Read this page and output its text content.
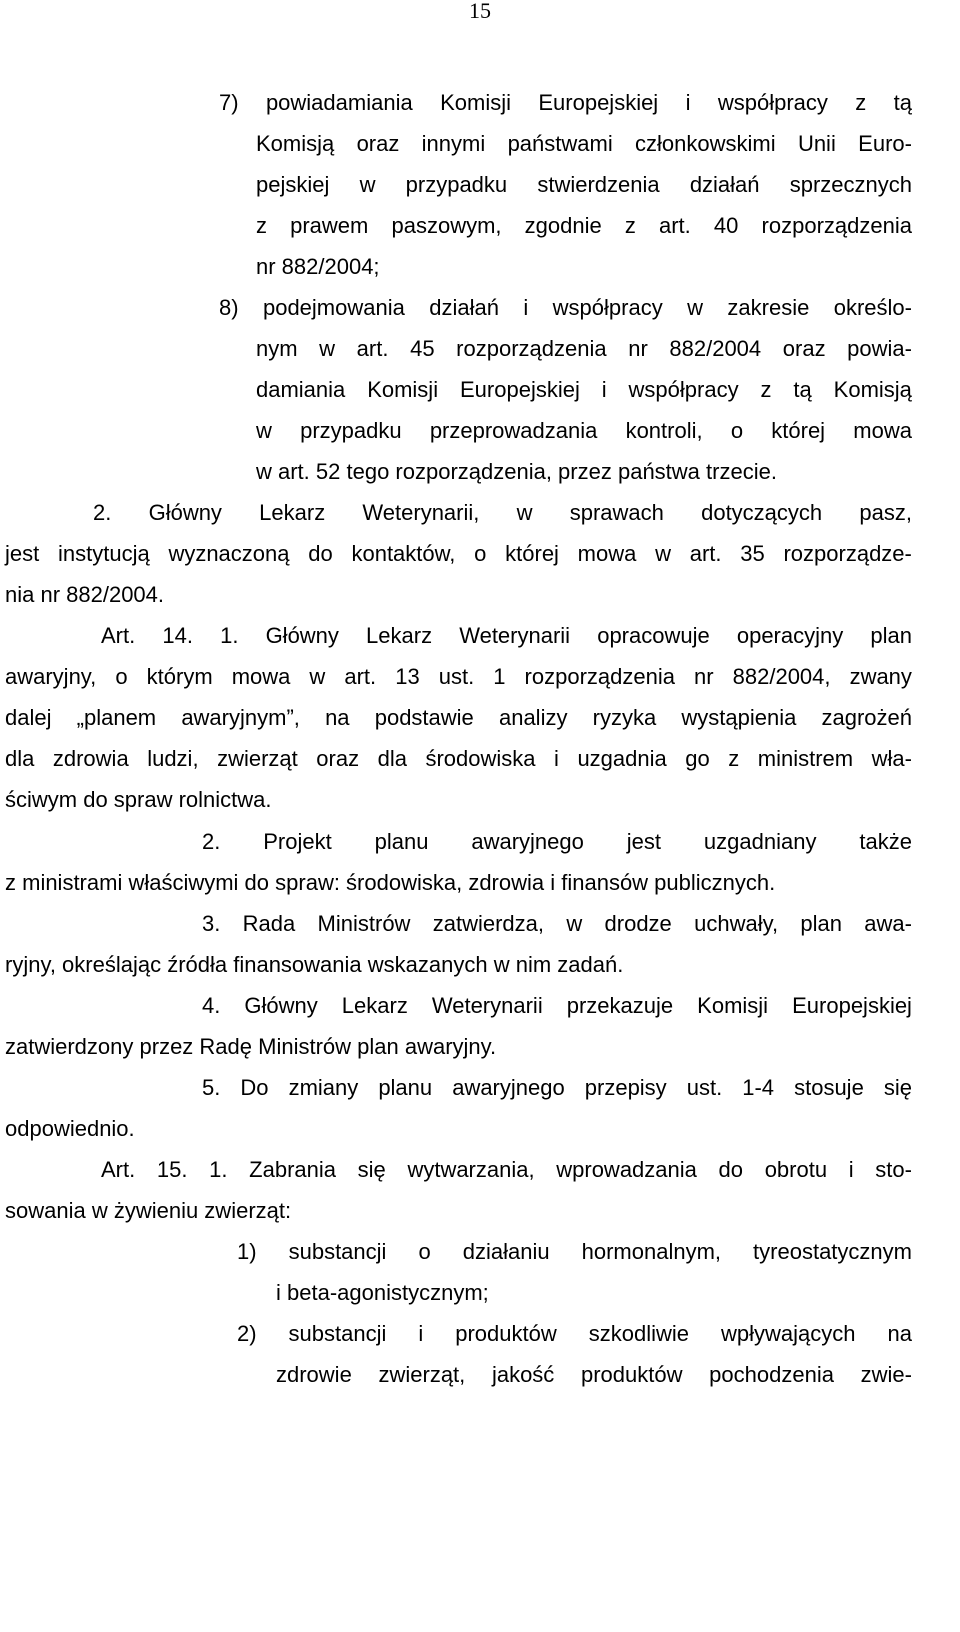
15
7) powiadamiania Komisji Europejskiej i współpracy z tą
Komisją oraz innymi państwami członkowskimi Unii Euro-
pejskiej w przypadku stwierdzenia działań sprzecznych
z prawem paszowym, zgodnie z art. 40 rozporządzenia
nr 882/2004;
8) podejmowania działań i współpracy w zakresie określo-
nym w art. 45 rozporządzenia nr 882/2004 oraz powia-
damiania Komisji Europejskiej i współpracy z tą Komisją
w przypadku przeprowadzania kontroli, o której mowa
w art. 52 tego rozporządzenia, przez państwa trzecie.
2. Główny Lekarz Weterynarii, w sprawach dotyczących pasz,
jest instytucją wyznaczoną do kontaktów, o której mowa w art. 35 rozporządze-
nia nr 882/2004.
Art. 14. 1. Główny Lekarz Weterynarii opracowuje operacyjny plan
awaryjny, o którym mowa w art. 13 ust. 1 rozporządzenia nr 882/2004, zwany
dalej „planem awaryjnym”, na podstawie analizy ryzyka wystąpienia zagrożeń
dla zdrowia ludzi, zwierząt oraz dla środowiska i uzgadnia go z ministrem wła-
ściwym do spraw rolnictwa.
2. Projekt planu awaryjnego jest uzgadniany także
z ministrami właściwymi do spraw: środowiska, zdrowia i finansów publicznych.
3. Rada Ministrów zatwierdza, w drodze uchwały, plan awa-
ryjny, określając źródła finansowania wskazanych w nim zadań.
4. Główny Lekarz Weterynarii przekazuje Komisji Europejskiej
zatwierdzony przez Radę Ministrów plan awaryjny.
5. Do zmiany planu awaryjnego przepisy ust. 1-4 stosuje się
odpowiednio.
Art. 15. 1. Zabrania się wytwarzania, wprowadzania do obrotu i sto-
sowania w żywieniu zwierząt:
1) substancji o działaniu hormonalnym, tyreostatycznym
i beta-agonistycznym;
2) substancji i produktów szkodliwie wpływających na
zdrowie zwierząt, jakość produktów pochodzenia zwie-
